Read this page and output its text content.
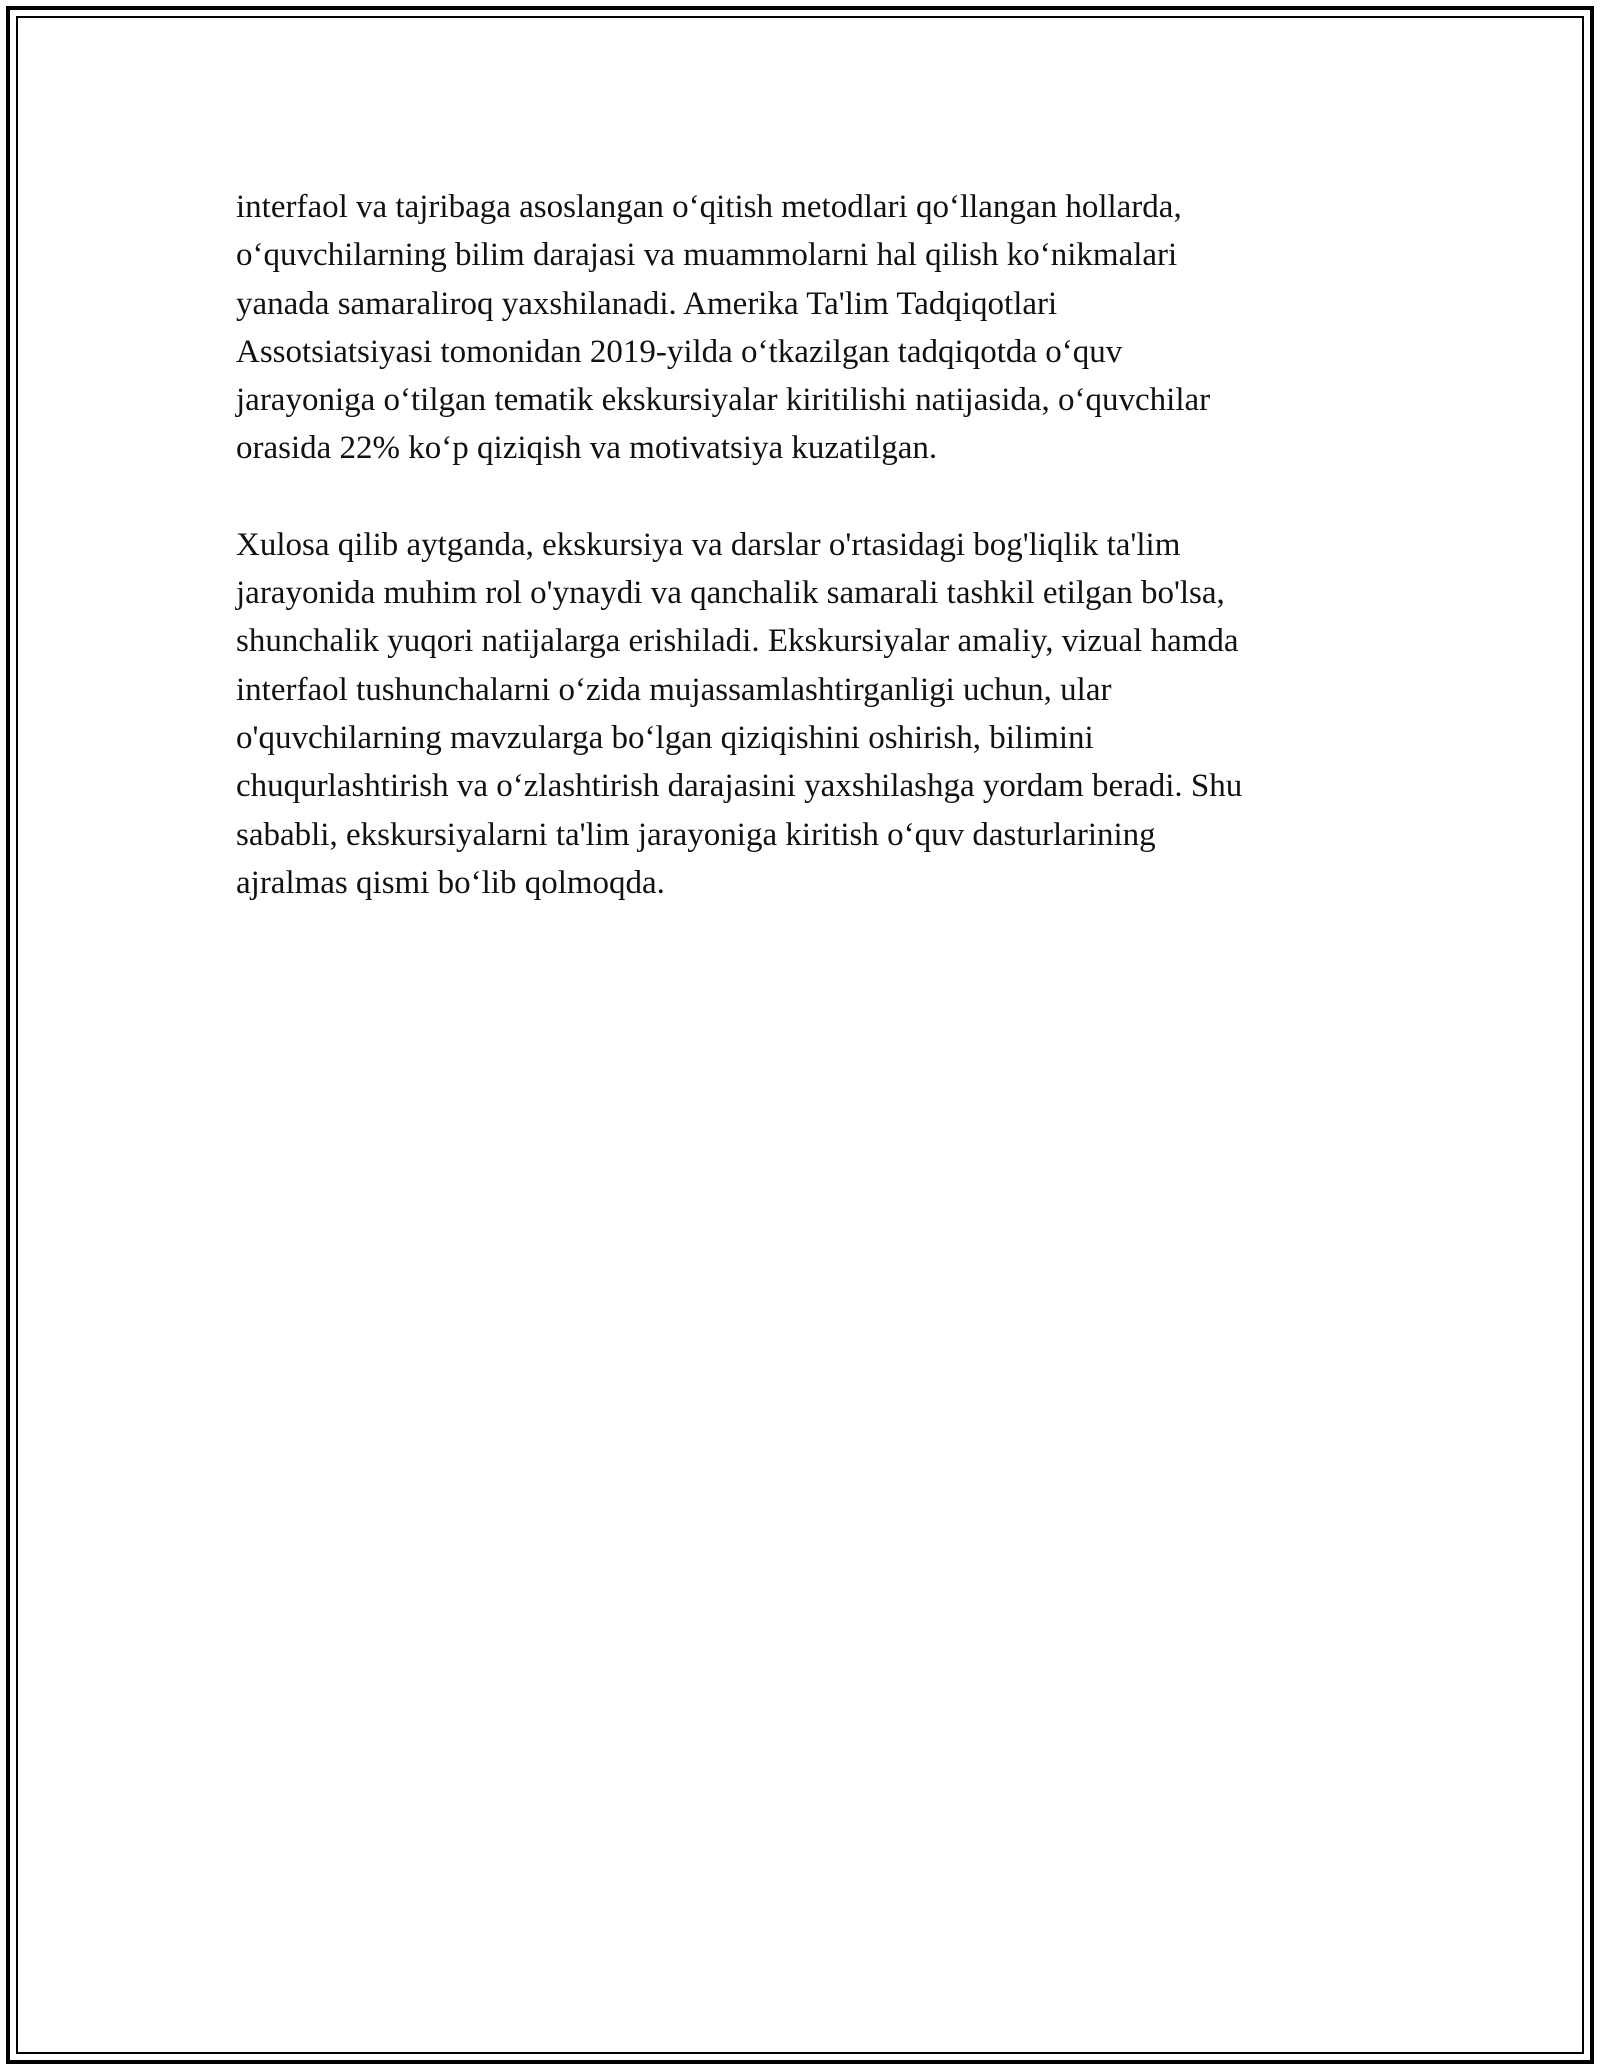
interfaol va tajribaga asoslangan o‘qitish metodlari qo‘llangan hollarda,
o‘quvchilarning bilim darajasi va muammolarni hal qilish ko‘nikmalari
yanada samaraliroq yaxshilanadi. Amerika Ta'lim Tadqiqotlari
Assotsiatsiyasi tomonidan 2019-yilda o‘tkazilgan tadqiqotda o‘quv
jarayoniga o‘tilgan tematik ekskursiyalar kiritilishi natijasida, o‘quvchilar
orasida 22% ko‘p qiziqish va motivatsiya kuzatilgan.

Xulosa qilib aytganda, ekskursiya va darslar o'rtasidagi bog'liqlik ta'lim
jarayonida muhim rol o'ynaydi va qanchalik samarali tashkil etilgan bo'lsa,
shunchalik yuqori natijalarga erishiladi. Ekskursiyalar amaliy, vizual hamda
interfaol tushunchalarni o‘zida mujassamlashtirganligi uchun, ular
o'quvchilarning mavzularga bo‘lgan qiziqishini oshirish, bilimini
chuqurlashtirish va o‘zlashtirish darajasini yaxshilashga yordam beradi. Shu
sababli, ekskursiyalarni ta'lim jarayoniga kiritish o‘quv dasturlarining
ajralmas qismi bo‘lib qolmoqda.
